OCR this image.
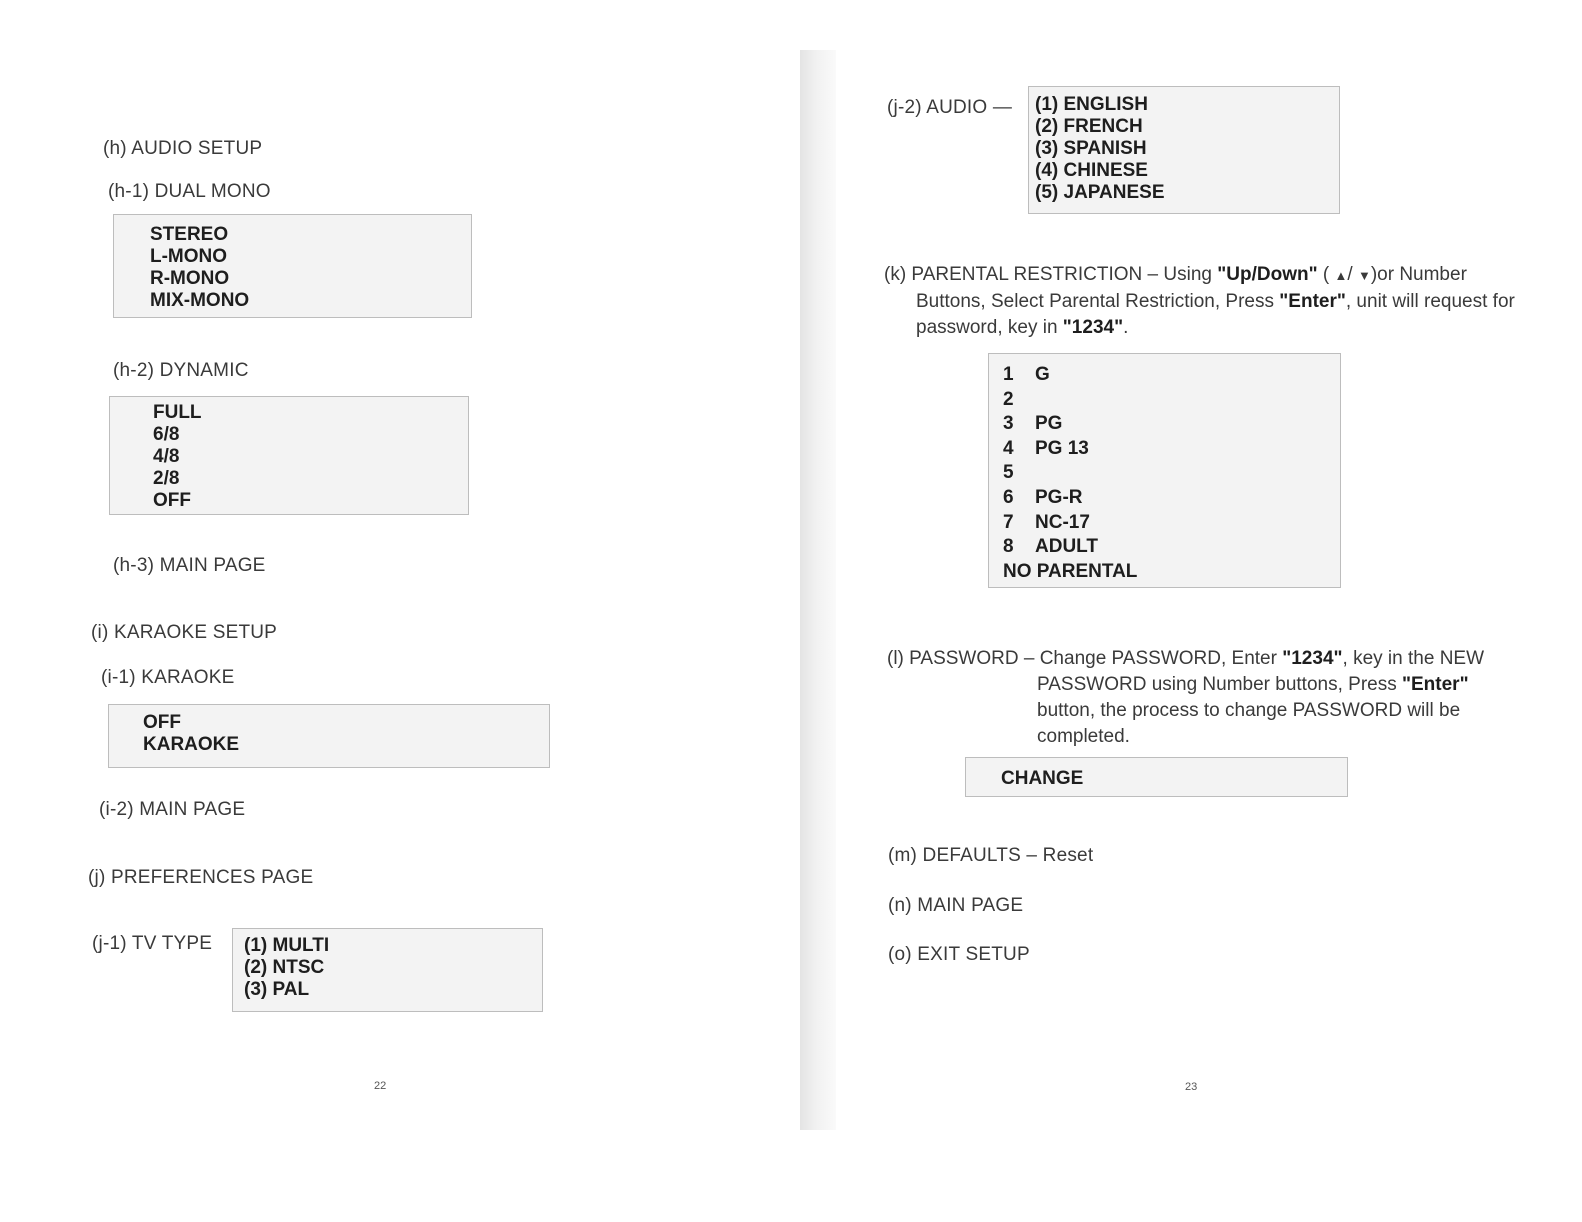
(h) AUDIO SETUP
(h-1) DUAL MONO
STEREO
L-MONO
R-MONO
MIX-MONO
(h-2) DYNAMIC
FULL
6/8
4/8
2/8
OFF
(h-3) MAIN PAGE
(i) KARAOKE SETUP
(i-1) KARAOKE
OFF
KARAOKE
(i-2) MAIN PAGE
(j) PREFERENCES PAGE
(j-1) TV TYPE (1) MULTI
(2) NTSC
(3) PAL
22
(j-2) AUDIO — (1) ENGLISH
(2) FRENCH
(3) SPANISH
(4) CHINESE
(5) JAPANESE
(k) PARENTAL RESTRICTION – Using "Up/Down" ( ▲/ ▼)or Number
Buttons, Select Parental Restriction, Press "Enter", unit will request for
password, key in "1234".
1	G
2
3	PG
4	PG 13
5
6	PG-R
7	NC-17
8	ADULT
NO PARENTAL
(l) PASSWORD – Change PASSWORD, Enter "1234", key in the NEW
PASSWORD using Number buttons, Press "Enter"
button, the process to change PASSWORD will be
completed.
CHANGE
(m) DEFAULTS – Reset
(n) MAIN PAGE
(o) EXIT SETUP
23
